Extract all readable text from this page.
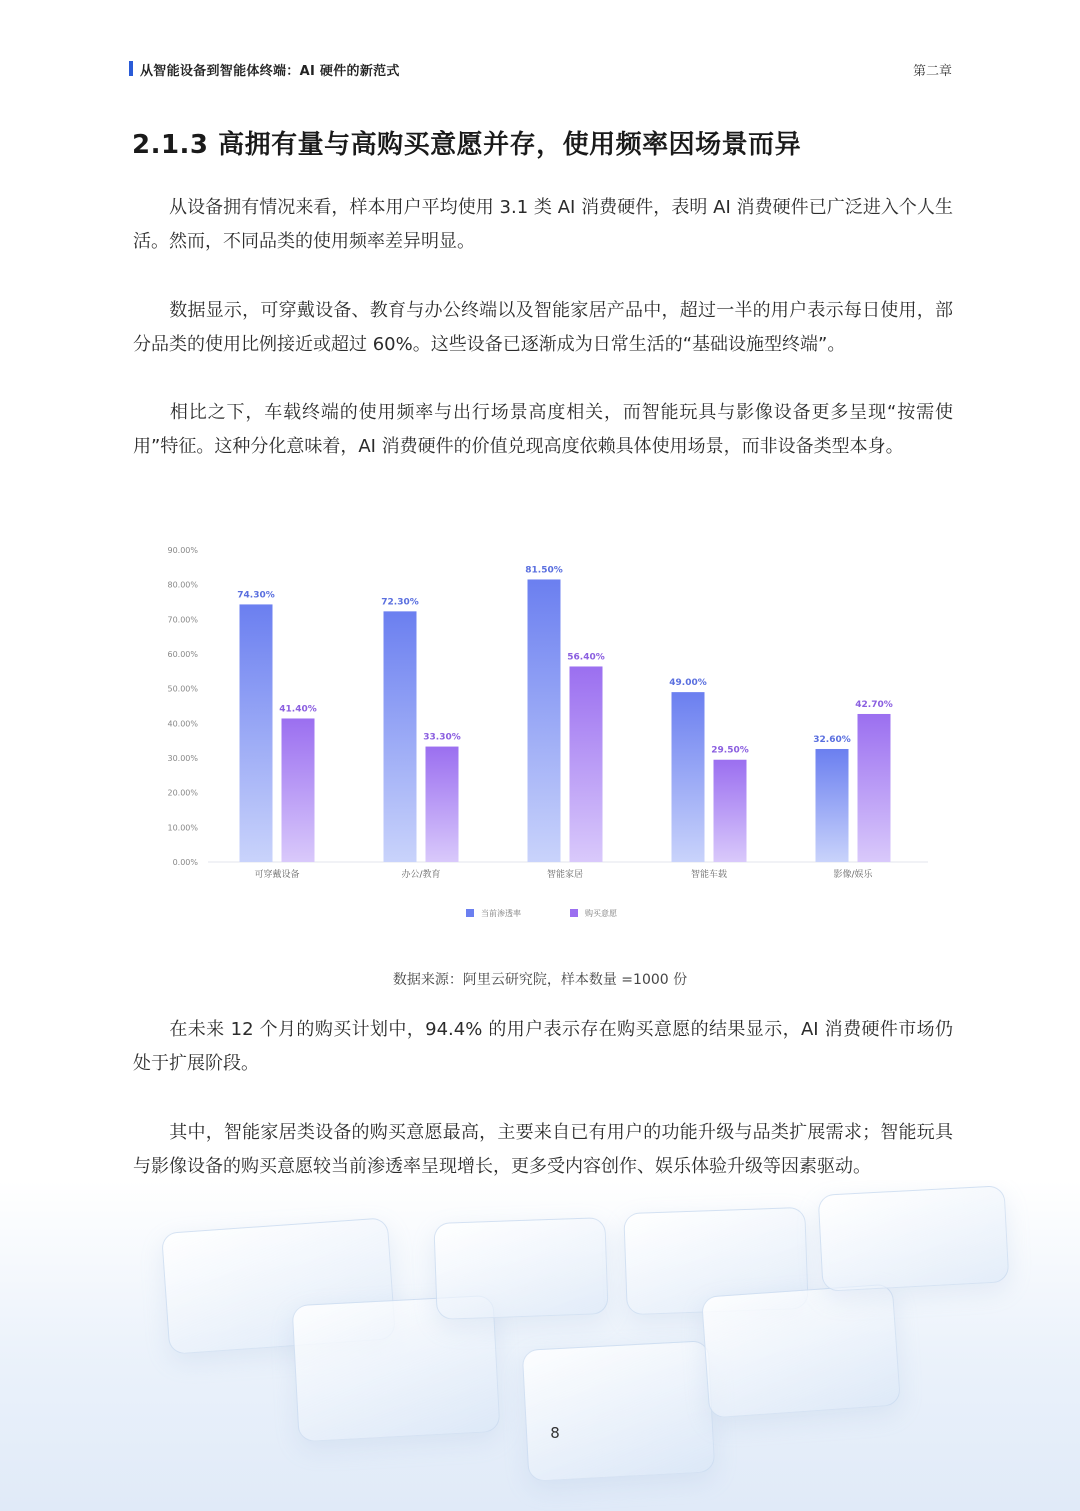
从智能设备到智能体终端：AI 硬件的新范式	第二章
2.1.3 高拥有量与高购买意愿并存，使用频率因场景而异
从设备拥有情况来看，样本用户平均使用 3.1 类 AI 消费硬件，表明 AI 消费硬件已广泛进入个人生活。然而，不同品类的使用频率差异明显。
数据显示，可穿戴设备、教育与办公终端以及智能家居产品中，超过一半的用户表示每日使用，部分品类的使用比例接近或超过 60%。这些设备已逐渐成为日常生活的“基础设施型终端”。
相比之下，车载终端的使用频率与出行场景高度相关，而智能玩具与影像设备更多呈现“按需使用”特征。这种分化意味着，AI 消费硬件的价值兑现高度依赖具体使用场景，而非设备类型本身。
0.00%
10.00%
20.00%
30.00%
40.00%
50.00%
60.00%
70.00%
80.00%
90.00%
74.30%
41.40%
可穿戴设备
72.30%
33.30%
办公/教育
81.50%
56.40%
智能家居
49.00%
29.50%
智能车载
32.60%
42.70%
影像/娱乐
当前渗透率	购买意愿
数据来源：阿里云研究院，样本数量 =1000 份
在未来 12 个月的购买计划中，94.4% 的用户表示存在购买意愿的结果显示，AI 消费硬件市场仍处于扩展阶段。
其中，智能家居类设备的购买意愿最高，主要来自已有用户的功能升级与品类扩展需求；智能玩具与影像设备的购买意愿较当前渗透率呈现增长，更多受内容创作、娱乐体验升级等因素驱动。
8
